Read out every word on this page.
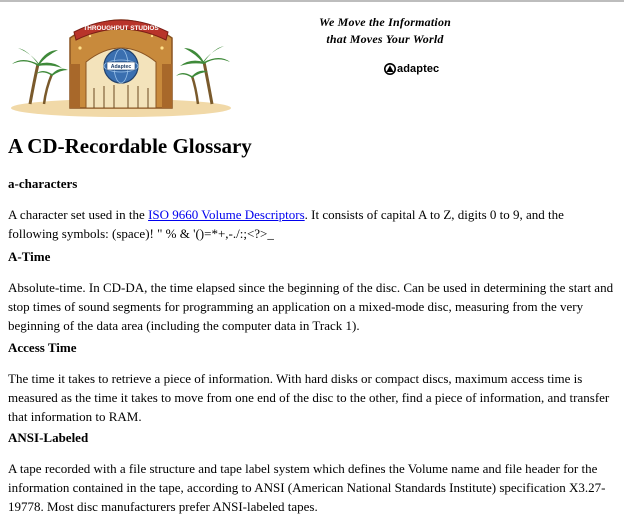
THROUGHPUT STUDIOS
Adaptec
We Move the Information
that Moves Your World
adaptec
A CD-Recordable Glossary
a-characters
A character set used in the ISO 9660 Volume Descriptors. It consists of capital A to Z, digits 0 to 9, and the following symbols: (space)! " % & '()=*+,-./:;<?>_
A-Time
Absolute-time. In CD-DA, the time elapsed since the beginning of the disc. Can be used in determining the start and stop times of sound segments for programming an application on a mixed-mode disc, measuring from the very beginning of the data area (including the computer data in Track 1).
Access Time
The time it takes to retrieve a piece of information. With hard disks or compact discs, maximum access time is measured as the time it takes to move from one end of the disc to the other, find a piece of information, and transfer that information to RAM.
ANSI-Labeled
A tape recorded with a file structure and tape label system which defines the Volume name and file header for the information contained in the tape, according to ANSI (American National Standards Institute) specification X3.27-19778. Most disc manufacturers prefer ANSI-labeled tapes.
